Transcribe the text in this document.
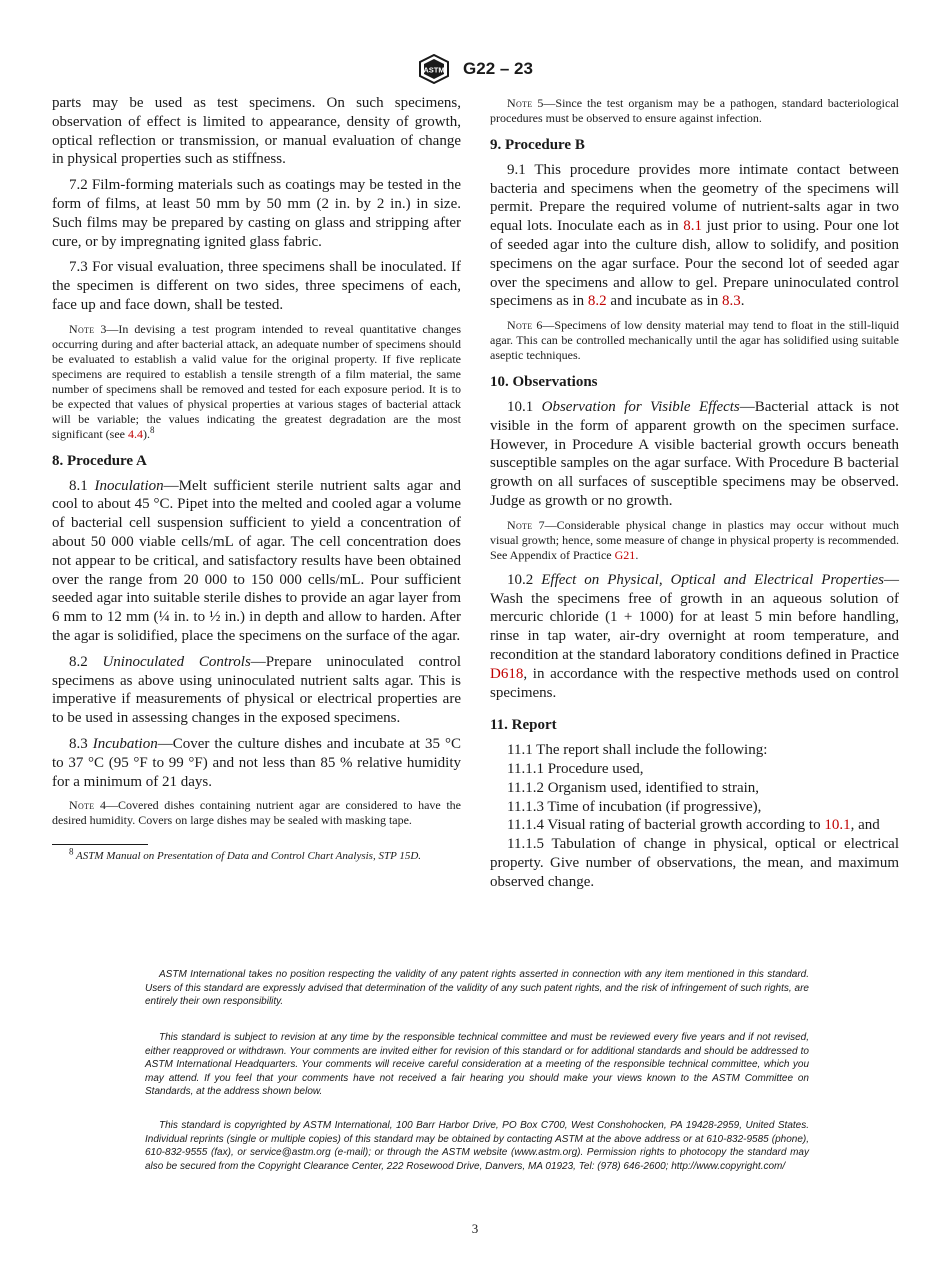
ASTM G22 – 23

parts may be used as test specimens. On such specimens, observation of effect is limited to appearance, density of growth, optical reflection or transmission, or manual evaluation of change in physical properties such as stiffness.

7.2 Film-forming materials such as coatings may be tested in the form of films, at least 50 mm by 50 mm (2 in. by 2 in.) in size. Such films may be prepared by casting on glass and stripping after cure, or by impregnating ignited glass fabric.

7.3 For visual evaluation, three specimens shall be inoculated. If the specimen is different on two sides, three specimens of each, face up and face down, shall be tested.

Note 3—In devising a test program intended to reveal quantitative changes occurring during and after bacterial attack, an adequate number of specimens should be evaluated to establish a valid value for the original property. If five replicate specimens are required to establish a tensile strength of a film material, the same number of specimens shall be removed and tested for each exposure period. It is to be expected that values of physical properties at various stages of bacterial attack will be variable; the values indicating the greatest degradation are the most significant (see 4.4).$^8$
8. Procedure A

8.1 Inoculation—Melt sufficient sterile nutrient salts agar and cool to about 45 °C. Pipet into the melted and cooled agar a volume of bacterial cell suspension sufficient to yield a concentration of about 50 000 viable cells/mL of agar. The cell concentration does not appear to be critical, and satisfactory results have been obtained over the range from 20 000 to 150 000 cells/mL. Pour sufficient seeded agar into suitable sterile dishes to provide an agar layer from 6 mm to 12 mm (¼ in. to ½ in.) in depth and allow to harden. After the agar is solidified, place the specimens on the surface of the agar.

8.2 Uninoculated Controls—Prepare uninoculated control specimens as above using uninoculated nutrient salts agar. This is imperative if measurements of physical or electrical properties are to be used in assessing changes in the exposed specimens.

8.3 Incubation—Cover the culture dishes and incubate at 35 °C to 37 °C (95 °F to 99 °F) and not less than 85 % relative humidity for a minimum of 21 days.

Note 4—Covered dishes containing nutrient agar are considered to have the desired humidity. Covers on large dishes may be sealed with masking tape.
$^8$ ASTM Manual on Presentation of Data and Control Chart Analysis, STP 15D.
Note 5—Since the test organism may be a pathogen, standard bacteriological procedures must be observed to ensure against infection.
9. Procedure B

9.1 This procedure provides more intimate contact between bacteria and specimens when the geometry of the specimens will permit. Prepare the required volume of nutrient-salts agar in two equal lots. Inoculate each as in 8.1 just prior to using. Pour one lot of seeded agar into the culture dish, allow to solidify, and position specimens on the agar surface. Pour the second lot of seeded agar over the specimens and allow to gel. Prepare uninoculated control specimens as in 8.2 and incubate as in 8.3.

Note 6—Specimens of low density material may tend to float in the still-liquid agar. This can be controlled mechanically until the agar has solidified using suitable aseptic techniques.
10. Observations

10.1 Observation for Visible Effects—Bacterial attack is not visible in the form of apparent growth on the specimen surface. However, in Procedure A visible bacterial growth occurs beneath susceptible samples on the agar surface. With Procedure B bacterial growth on all surfaces of susceptible specimens may be observed. Judge as growth or no growth.

Note 7—Considerable physical change in plastics may occur without much visual growth; hence, some measure of change in physical property is recommended. See Appendix of Practice G21.

10.2 Effect on Physical, Optical and Electrical Properties—Wash the specimens free of growth in an aqueous solution of mercuric chloride (1 + 1000) for at least 5 min before handling, rinse in tap water, air-dry overnight at room temperature, and recondition at the standard laboratory conditions defined in Practice D618, in accordance with the respective methods used on control specimens.

11. Report

11.1 The report shall include the following:

11.1.1 Procedure used,

11.1.2 Organism used, identified to strain,

11.1.3 Time of incubation (if progressive),

11.1.4 Visual rating of bacterial growth according to 10.1, and

11.1.5 Tabulation of change in physical, optical or electrical property. Give number of observations, the mean, and maximum observed change.

ASTM International takes no position respecting the validity of any patent rights asserted in connection with any item mentioned in this standard. Users of this standard are expressly advised that determination of the validity of any such patent rights, and the risk of infringement of such rights, are entirely their own responsibility.

This standard is subject to revision at any time by the responsible technical committee and must be reviewed every five years and if not revised, either reapproved or withdrawn. Your comments are invited either for revision of this standard or for additional standards and should be addressed to ASTM International Headquarters. Your comments will receive careful consideration at a meeting of the responsible technical committee, which you may attend. If you feel that your comments have not received a fair hearing you should make your views known to the ASTM Committee on Standards, at the address shown below.

This standard is copyrighted by ASTM International, 100 Barr Harbor Drive, PO Box C700, West Conshohocken, PA 19428-2959, United States. Individual reprints (single or multiple copies) of this standard may be obtained by contacting ASTM at the above address or at 610-832-9585 (phone), 610-832-9555 (fax), or service@astm.org (e-mail); or through the ASTM website (www.astm.org). Permission rights to photocopy the standard may also be secured from the Copyright Clearance Center, 222 Rosewood Drive, Danvers, MA 01923, Tel: (978) 646-2600; http://www.copyright.com/

3
